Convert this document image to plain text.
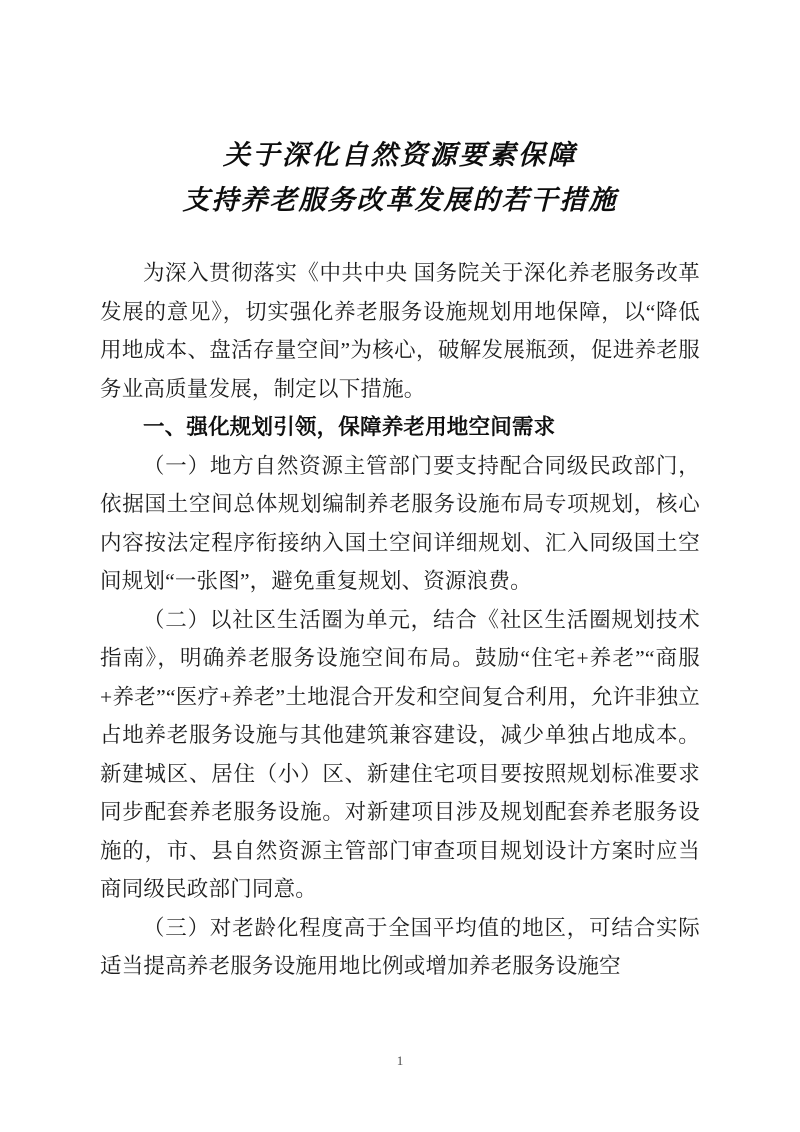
关于深化自然资源要素保障
支持养老服务改革发展的若干措施

为深入贯彻落实《中共中央 国务院关于深化养老服务改革发展的意见》，切实强化养老服务设施规划用地保障，以“降低用地成本、盘活存量空间”为核心，破解发展瓶颈，促进养老服务业高质量发展，制定以下措施。

一、强化规划引领，保障养老用地空间需求

（一）地方自然资源主管部门要支持配合同级民政部门，依据国土空间总体规划编制养老服务设施布局专项规划，核心内容按法定程序衔接纳入国土空间详细规划、汇入同级国土空间规划“一张图”，避免重复规划、资源浪费。

（二）以社区生活圈为单元，结合《社区生活圈规划技术指南》，明确养老服务设施空间布局。鼓励“住宅+养老”“商服+养老”“医疗+养老”土地混合开发和空间复合利用，允许非独立占地养老服务设施与其他建筑兼容建设，减少单独占地成本。新建城区、居住（小）区、新建住宅项目要按照规划标准要求同步配套养老服务设施。对新建项目涉及规划配套养老服务设施的，市、县自然资源主管部门审查项目规划设计方案时应当商同级民政部门同意。

（三）对老龄化程度高于全国平均值的地区，可结合实际适当提高养老服务设施用地比例或增加养老服务设施空

1
